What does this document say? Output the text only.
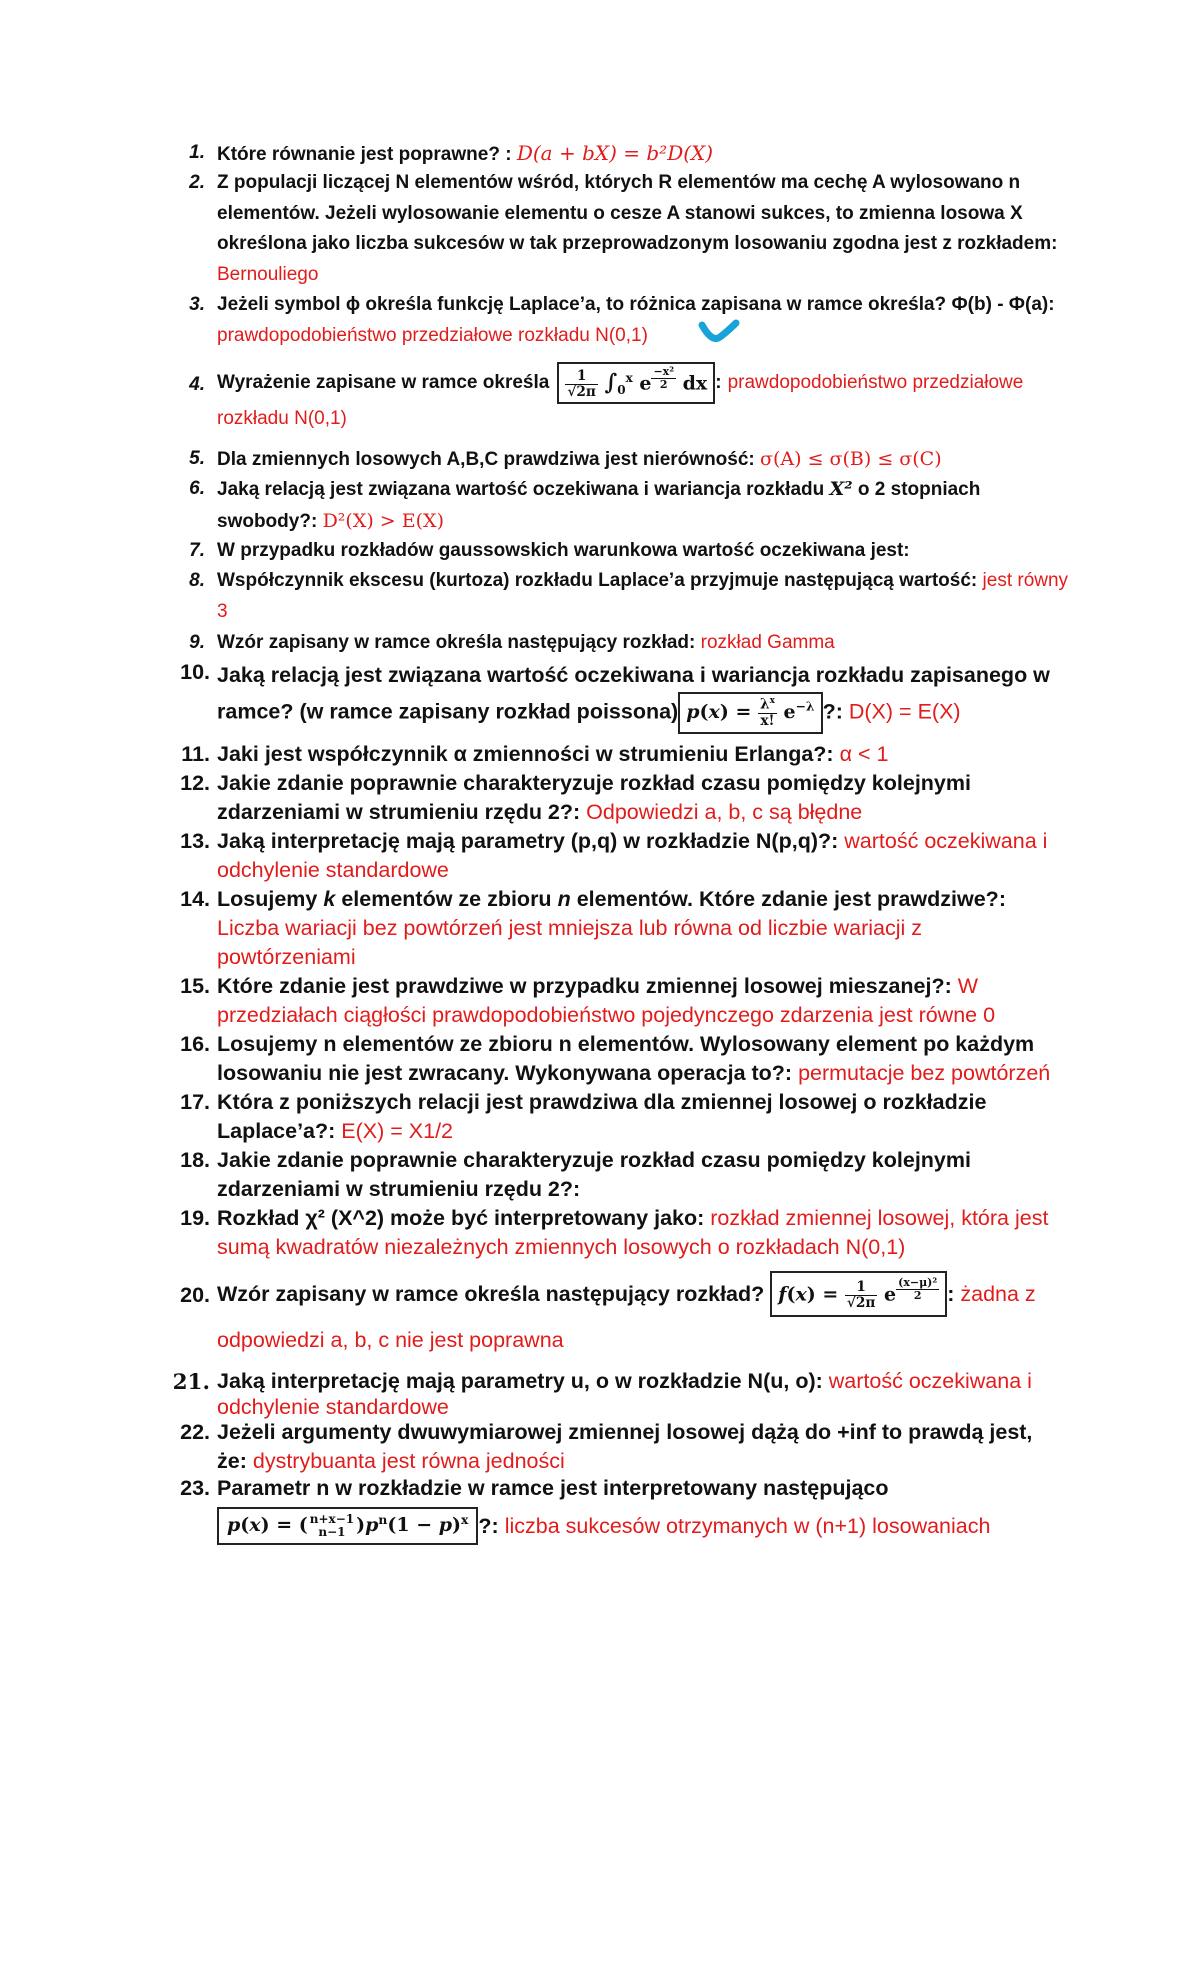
1. Które równanie jest poprawne? : D(a + bX) = b²D(X)
2. Z populacji liczącej N elementów wśród, których R elementów ma cechę A wylosowano n elementów. Jeżeli wylosowanie elementu o cesze A stanowi sukces, to zmienna losowa X określona jako liczba sukcesów w tak przeprowadzonym losowaniu zgodna jest z rozkładem:
Bernouliego
3. Jeżeli symbol ɸ określa funkcję Laplace’a, to różnica zapisana w ramce określa? Ф(b) - Ф(a):
prawdopodobieństwo przedziałowe rozkładu N(0,1)
4. Wyrażenie zapisane w ramce określa $\frac{1}{√2\pi} \int_0^x$ e $^{\frac{\text{−x²}}{2}}$ dx : prawdopodobieństwo przedziałowe
rozkładu N(0,1)
5. Dla zmiennych losowych A,B,C prawdziwa jest nierówność: σ(A) ≤ σ(B) ≤ σ(C)
6. Jaką relacją jest związana wartość oczekiwana i wariancja rozkładu X² o 2 stopniach swobody?: D²(X) > E(X)
7. W przypadku rozkładów gaussowskich warunkowa wartość oczekiwana jest:
8. Współczynnik ekscesu (kurtoza) rozkładu Laplace’a przyjmuje następującą wartość: jest równy 3
9. Wzór zapisany w ramce określa następujący rozkład: rozkład Gamma
10. Jaką relacją jest związana wartość oczekiwana i wariancja rozkładu zapisanego w ramce? (w ramce zapisany rozkład poissona) $p(x) = \frac{\lambda^x}{x!} e^{-\lambda}$ ?: D(X) = E(X)
11. Jaki jest współczynnik α zmienności w strumieniu Erlanga?: α < 1
12. Jakie zdanie poprawnie charakteryzuje rozkład czasu pomiędzy kolejnymi zdarzeniami w strumieniu rzędu 2?: Odpowiedzi a, b, c są błędne
13. Jaką interpretację mają parametry (p,q) w rozkładzie N(p,q)?: wartość oczekiwana i odchylenie standardowe
14. Losujemy k elementów ze zbioru n elementów. Które zdanie jest prawdziwe?:
Liczba wariacji bez powtórzeń jest mniejsza lub równa od liczbie wariacji z powtórzeniami
15. Które zdanie jest prawdziwe w przypadku zmiennej losowej mieszanej?: W przedziałach ciągłości prawdopodobieństwo pojedynczego zdarzenia jest równe 0
16. Losujemy n elementów ze zbioru n elementów. Wylosowany element po każdym losowaniu nie jest zwracany. Wykonywana operacja to?: permutacje bez powtórzeń
17. Która z poniższych relacji jest prawdziwa dla zmiennej losowej o rozkładzie Laplace’a?: E(X) = X1/2
18. Jakie zdanie poprawnie charakteryzuje rozkład czasu pomiędzy kolejnymi zdarzeniami w strumieniu rzędu 2?:
19. Rozkład χ² (X^2) może być interpretowany jako: rozkład zmiennej losowej, która jest sumą kwadratów niezależnych zmiennych losowych o rozkładach N(0,1)
20. Wzór zapisany w ramce określa następujący rozkład? $f(x) = \frac{1}{√2\pi}$ e $^{\frac{\text{(x−μ)²}}{2}}$ : żadna z
odpowiedzi a, b, c nie jest poprawna
21. Jaką interpretację mają parametry u, o w rozkładzie N(u, o): wartość oczekiwana i odchylenie standardowe
22. Jeżeli argumenty dwuwymiarowej zmiennej losowej dążą do +inf to prawdą jest, że: dystrybuanta jest równa jedności
23. Parametr n w rozkładzie w ramce jest interpretowany następująco
p(x) = ( n+x−1
n−1 )$p^n(1 - p)^x$ ?: liczba sukcesów otrzymanych w (n+1) losowaniach
